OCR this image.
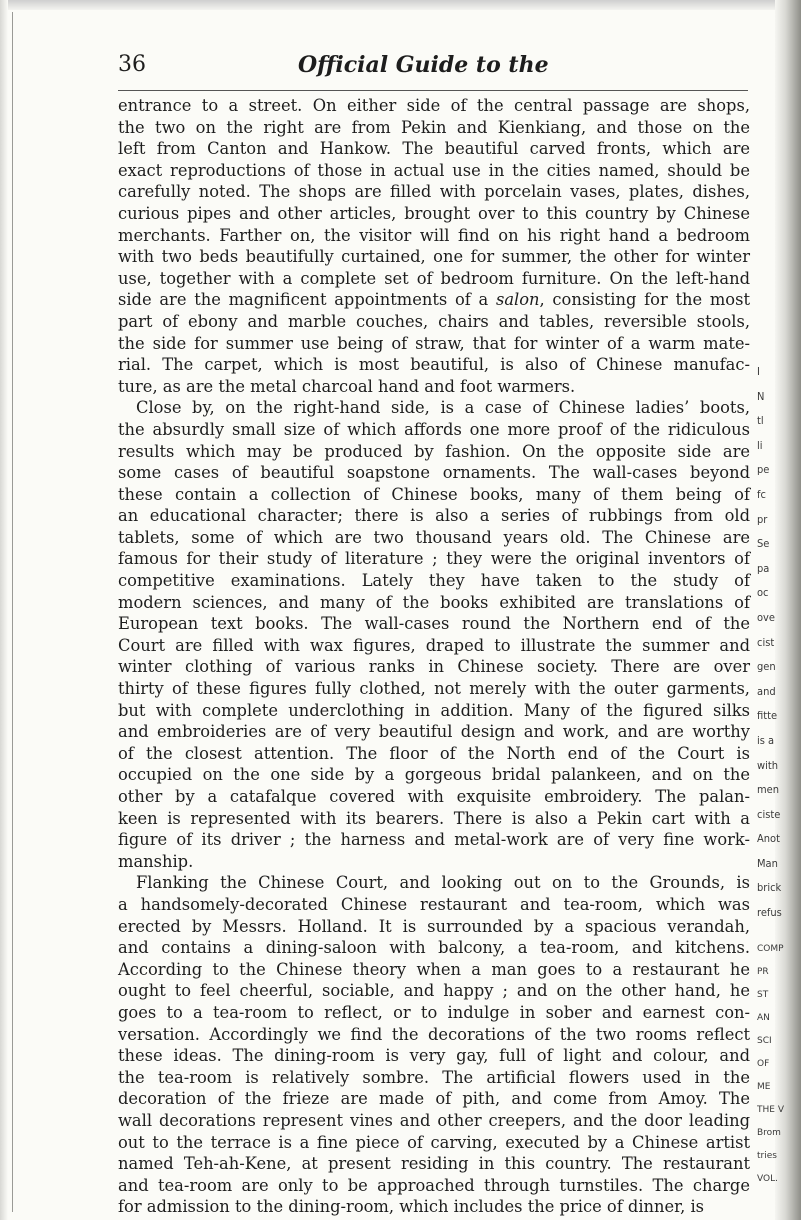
36	Official Guide to the
entrance to a street. On either side of the central passage are shops,
the two on the right are from Pekin and Kienkiang, and those on the
left from Canton and Hankow. The beautiful carved fronts, which are
exact reproductions of those in actual use in the cities named, should be
carefully noted. The shops are filled with porcelain vases, plates, dishes,
curious pipes and other articles, brought over to this country by Chinese
merchants. Farther on, the visitor will find on his right hand a bedroom
with two beds beautifully curtained, one for summer, the other for winter
use, together with a complete set of bedroom furniture. On the left-hand
side are the magnificent appointments of a salon, consisting for the most
part of ebony and marble couches, chairs and tables, reversible stools,
the side for summer use being of straw, that for winter of a warm mate-
rial. The carpet, which is most beautiful, is also of Chinese manufac-
ture, as are the metal charcoal hand and foot warmers.
Close by, on the right-hand side, is a case of Chinese ladies’ boots,
the absurdly small size of which affords one more proof of the ridiculous
results which may be produced by fashion. On the opposite side are
some cases of beautiful soapstone ornaments. The wall-cases beyond
these contain a collection of Chinese books, many of them being of
an educational character; there is also a series of rubbings from old
tablets, some of which are two thousand years old. The Chinese are
famous for their study of literature ; they were the original inventors of
competitive examinations. Lately they have taken to the study of
modern sciences, and many of the books exhibited are translations of
European text books. The wall-cases round the Northern end of the
Court are filled with wax figures, draped to illustrate the summer and
winter clothing of various ranks in Chinese society. There are over
thirty of these figures fully clothed, not merely with the outer garments,
but with complete underclothing in addition. Many of the figured silks
and embroideries are of very beautiful design and work, and are worthy
of the closest attention. The floor of the North end of the Court is
occupied on the one side by a gorgeous bridal palankeen, and on the
other by a catafalque covered with exquisite embroidery. The palan-
keen is represented with its bearers. There is also a Pekin cart with a
figure of its driver ; the harness and metal-work are of very fine work-
manship.
Flanking the Chinese Court, and looking out on to the Grounds, is
a handsomely-decorated Chinese restaurant and tea-room, which was
erected by Messrs. Holland. It is surrounded by a spacious verandah,
and contains a dining-saloon with balcony, a tea-room, and kitchens.
According to the Chinese theory when a man goes to a restaurant he
ought to feel cheerful, sociable, and happy ; and on the other hand, he
goes to a tea-room to reflect, or to indulge in sober and earnest con-
versation. Accordingly we find the decorations of the two rooms reflect
these ideas. The dining-room is very gay, full of light and colour, and
the tea-room is relatively sombre. The artificial flowers used in the
decoration of the frieze are made of pith, and come from Amoy. The
wall decorations represent vines and other creepers, and the door leading
out to the terrace is a fine piece of carving, executed by a Chinese artist
named Teh-ah-Kene, at present residing in this country. The restaurant
and tea-room are only to be approached through turnstiles. The charge
for admission to the dining-room, which includes the price of dinner, is
I
N
tl
li
pe
fc
pr
Se
pa
oc
ove
cist
gen
and
fitte
is a
with
men
ciste
Anot
Man
brick
refus
COMP
PR
ST
AN
SCI
OF
ME
THE V
Brom
tries
VOL.
